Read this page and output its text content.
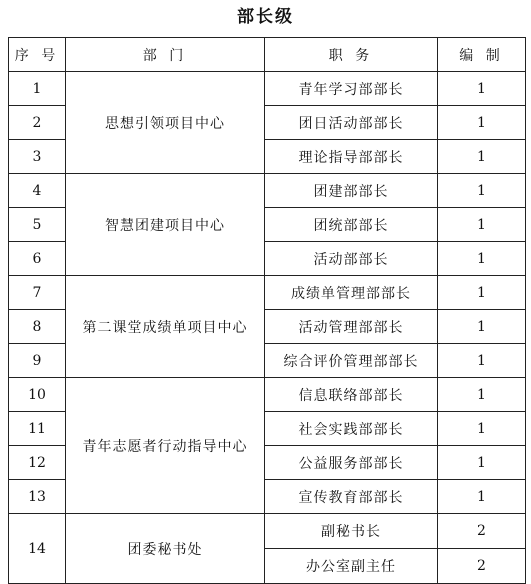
部长级
序 号	部 门	职 务	编 制
1	思想引领项目中心	青年学习部部长	1
2		团日活动部部长	1
3		理论指导部部长	1
4	智慧团建项目中心	团建部部长	1
5		团统部部长	1
6		活动部部长	1
7	第二课堂成绩单项目中心	成绩单管理部部长	1
8		活动管理部部长	1
9		综合评价管理部部长	1
10	青年志愿者行动指导中心	信息联络部部长	1
11		社会实践部部长	1
12		公益服务部部长	1
13		宣传教育部部长	1
14	团委秘书处	副秘书长	2
		办公室副主任	2
